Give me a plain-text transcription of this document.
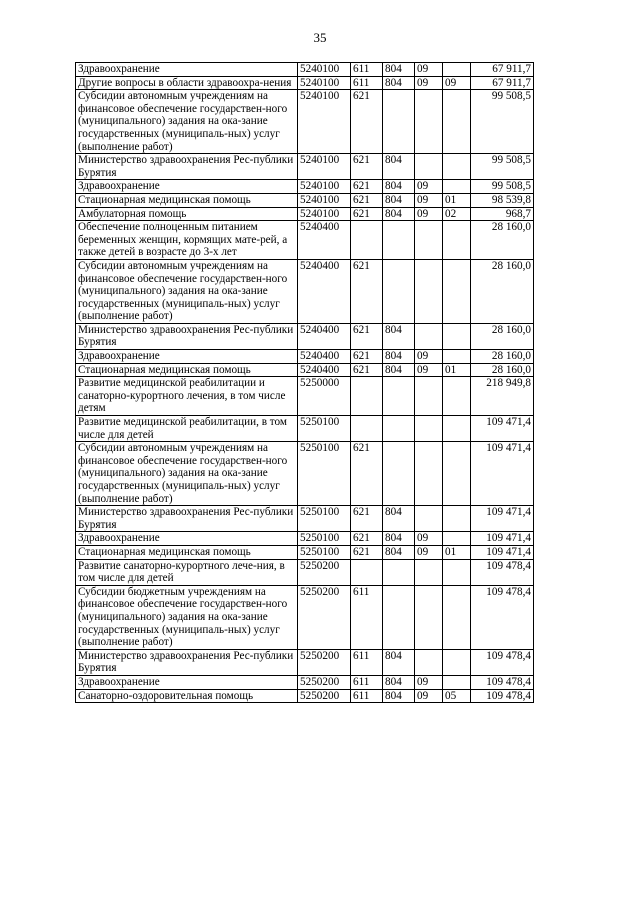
35
Здравоохранение	5240100	611	804	09		67 911,7
Другие вопросы в области здравоохра-нения	5240100	611	804	09	09	67 911,7
Субсидии автономным учреждениям на финансовое обеспечение государствен-ного (муниципального) задания на ока-зание государственных (муниципаль-ных) услуг (выполнение работ)	5240100	621				99 508,5
Министерство здравоохранения Рес-публики Бурятия	5240100	621	804			99 508,5
Здравоохранение	5240100	621	804	09		99 508,5
Стационарная медицинская помощь	5240100	621	804	09	01	98 539,8
Амбулаторная помощь	5240100	621	804	09	02	968,7
Обеспечение полноценным питанием беременных женщин, кормящих мате-рей, а также детей в возрасте до 3-х лет	5240400					28 160,0
Субсидии автономным учреждениям на финансовое обеспечение государствен-ного (муниципального) задания на ока-зание государственных (муниципаль-ных) услуг (выполнение работ)	5240400	621				28 160,0
Министерство здравоохранения Рес-публики Бурятия	5240400	621	804			28 160,0
Здравоохранение	5240400	621	804	09		28 160,0
Стационарная медицинская помощь	5240400	621	804	09	01	28 160,0
Развитие медицинской реабилитации и санаторно-курортного лечения, в том числе детям	5250000					218 949,8
Развитие медицинской реабилитации, в том числе для детей	5250100					109 471,4
Субсидии автономным учреждениям на финансовое обеспечение государствен-ного (муниципального) задания на ока-зание государственных (муниципаль-ных) услуг (выполнение работ)	5250100	621				109 471,4
Министерство здравоохранения Рес-публики Бурятия	5250100	621	804			109 471,4
Здравоохранение	5250100	621	804	09		109 471,4
Стационарная медицинская помощь	5250100	621	804	09	01	109 471,4
Развитие санаторно-курортного лече-ния, в том числе для детей	5250200					109 478,4
Субсидии бюджетным учреждениям на финансовое обеспечение государствен-ного (муниципального) задания на ока-зание государственных (муниципаль-ных) услуг (выполнение работ)	5250200	611				109 478,4
Министерство здравоохранения Рес-публики Бурятия	5250200	611	804			109 478,4
Здравоохранение	5250200	611	804	09		109 478,4
Санаторно-оздоровительная помощь	5250200	611	804	09	05	109 478,4
